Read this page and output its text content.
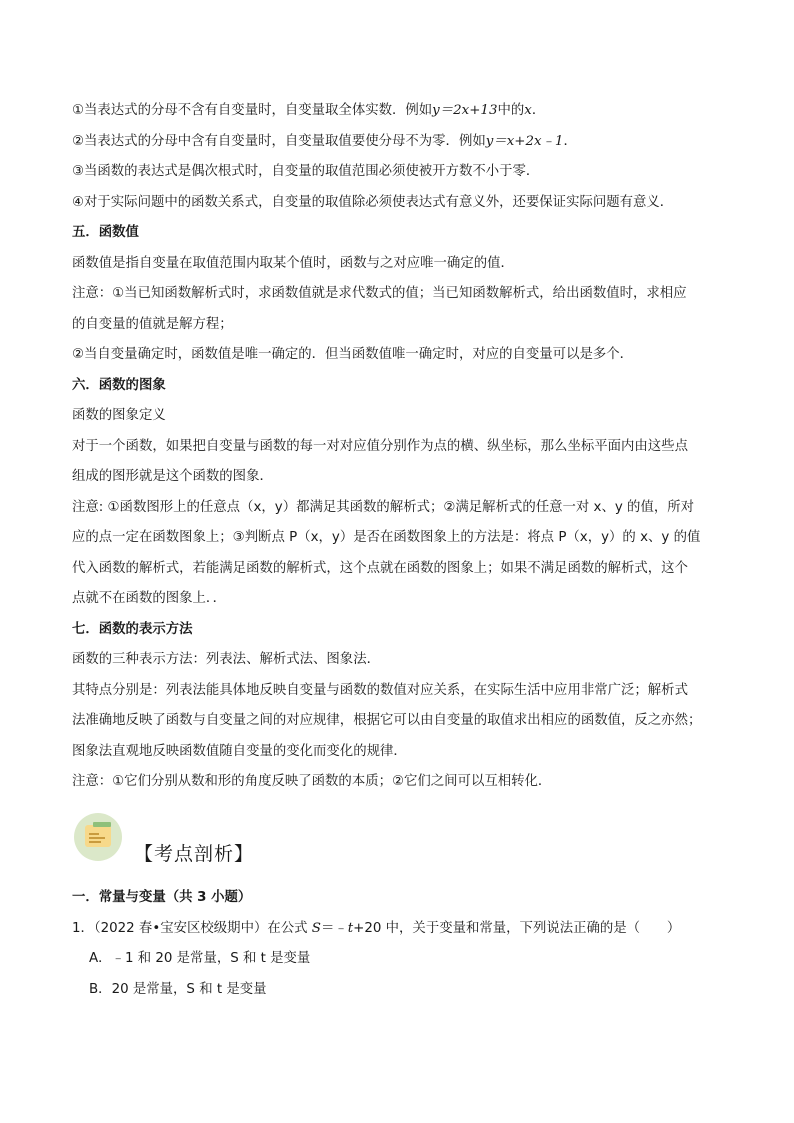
①当表达式的分母不含有自变量时，自变量取全体实数．例如y＝2x+13中的x．

②当表达式的分母中含有自变量时，自变量取值要使分母不为零．例如y＝x+2x﹣1．

③当函数的表达式是偶次根式时，自变量的取值范围必须使被开方数不小于零．

④对于实际问题中的函数关系式，自变量的取值除必须使表达式有意义外，还要保证实际问题有意义．

五．函数值

函数值是指自变量在取值范围内取某个值时，函数与之对应唯一确定的值．

注意：①当已知函数解析式时，求函数值就是求代数式的值；当已知函数解析式，给出函数值时，求相应

的自变量的值就是解方程；

②当自变量确定时，函数值是唯一确定的．但当函数值唯一确定时，对应的自变量可以是多个．

六．函数的图象

函数的图象定义

对于一个函数，如果把自变量与函数的每一对对应值分别作为点的横、纵坐标，那么坐标平面内由这些点

组成的图形就是这个函数的图象．

注意: ①函数图形上的任意点（x，y）都满足其函数的解析式；②满足解析式的任意一对 x、y 的值，所对

应的点一定在函数图象上；③判断点 P（x，y）是否在函数图象上的方法是：将点 P（x，y）的 x、y 的值

代入函数的解析式，若能满足函数的解析式，这个点就在函数的图象上；如果不满足函数的解析式，这个

点就不在函数的图象上．．

七．函数的表示方法

函数的三种表示方法：列表法、解析式法、图象法．

其特点分别是：列表法能具体地反映自变量与函数的数值对应关系，在实际生活中应用非常广泛；解析式

法准确地反映了函数与自变量之间的对应规律，根据它可以由自变量的取值求出相应的函数值，反之亦然；

图象法直观地反映函数值随自变量的变化而变化的规律．

注意：①它们分别从数和形的角度反映了函数的本质；②它们之间可以互相转化．

【考点剖析】

一．常量与变量（共 3 小题）

1．（2022 春•宝安区校级期中）在公式 S＝﹣t+20 中，关于变量和常量，下列说法正确的是（　　）

A．﹣1 和 20 是常量，S 和 t 是变量

B．20 是常量，S 和 t 是变量
